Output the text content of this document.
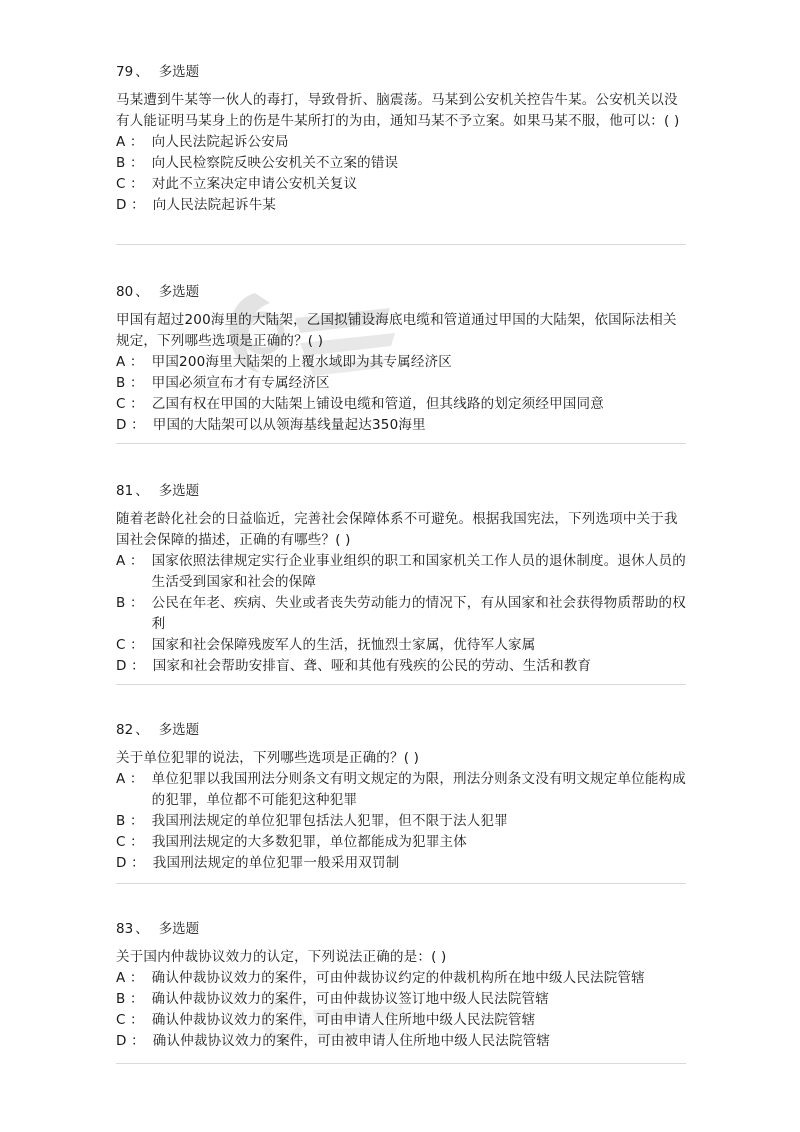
79 、 多选题
马某遭到牛某等一伙人的毒打，导致骨折、脑震荡。马某到公安机关控告牛某。公安机关以没有人能证明马某身上的伤是牛某所打的为由，通知马某不予立案。如果马某不服，他可以：( )
A ： 向人民法院起诉公安局
B ： 向人民检察院反映公安机关不立案的错误
C ： 对此不立案决定申请公安机关复议
D ： 向人民法院起诉牛某
80 、 多选题
甲国有超过200海里的大陆架，乙国拟铺设海底电缆和管道通过甲国的大陆架，依国际法相关规定，下列哪些选项是正确的？( )
A ： 甲国200海里大陆架的上覆水域即为其专属经济区
B ： 甲国必须宣布才有专属经济区
C ： 乙国有权在甲国的大陆架上铺设电缆和管道，但其线路的划定须经甲国同意
D ： 甲国的大陆架可以从领海基线量起达350海里
81 、 多选题
随着老龄化社会的日益临近，完善社会保障体系不可避免。根据我国宪法，下列选项中关于我国社会保障的描述，正确的有哪些？( )
A ： 国家依照法律规定实行企业事业组织的职工和国家机关工作人员的退休制度。退休人员的生活受到国家和社会的保障
B ： 公民在年老、疾病、失业或者丧失劳动能力的情况下，有从国家和社会获得物质帮助的权利
C ： 国家和社会保障残废军人的生活，抚恤烈士家属，优待军人家属
D ： 国家和社会帮助安排盲、聋、哑和其他有残疾的公民的劳动、生活和教育
82 、 多选题
关于单位犯罪的说法，下列哪些选项是正确的？( )
A ： 单位犯罪以我国刑法分则条文有明文规定的为限，刑法分则条文没有明文规定单位能构成的犯罪，单位都不可能犯这种犯罪
B ： 我国刑法规定的单位犯罪包括法人犯罪，但不限于法人犯罪
C ： 我国刑法规定的大多数犯罪，单位都能成为犯罪主体
D ： 我国刑法规定的单位犯罪一般采用双罚制
83 、 多选题
关于国内仲裁协议效力的认定，下列说法正确的是：( )
A ： 确认仲裁协议效力的案件，可由仲裁协议约定的仲裁机构所在地中级人民法院管辖
B ： 确认仲裁协议效力的案件，可由仲裁协议签订地中级人民法院管辖
C ： 确认仲裁协议效力的案件，可由申请人住所地中级人民法院管辖
D ： 确认仲裁协议效力的案件，可由被申请人住所地中级人民法院管辖
